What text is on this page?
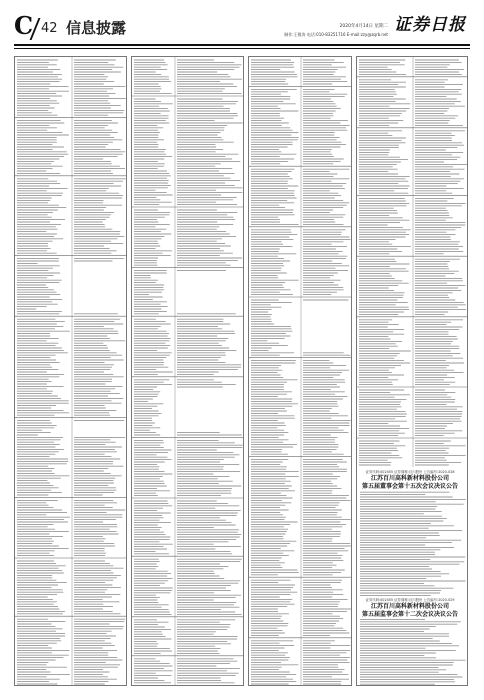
C 42 信息披露	2020年4月14日 星期二
制作:王敬涛 电话:010-83251716 E-mail:zzy@zqrb.net 证券日报
证券代码:002455 证券简称:百川股份 公告编号:2020-028
江苏百川高科新材料股份公司
第五届董事会第十五次会议决议公告
证券代码:002455 证券简称:百川股份 公告编号:2020-029
江苏百川高科新材料股份公司
第五届监事会第十二次会议决议公告
